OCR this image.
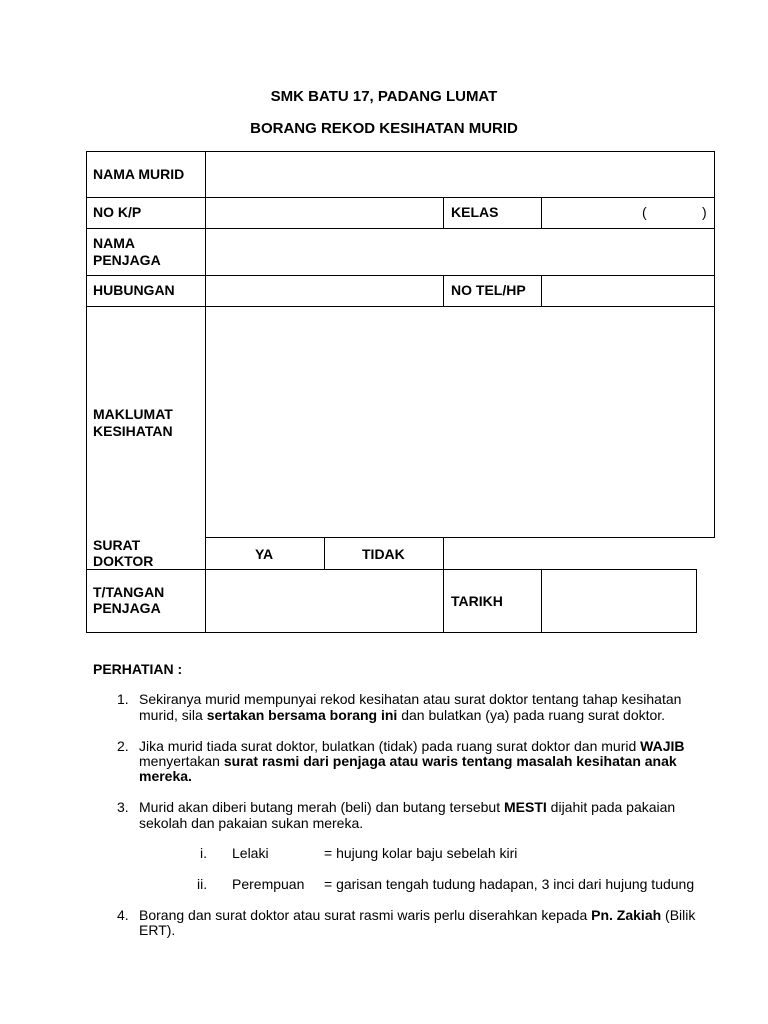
SMK BATU 17, PADANG LUMAT
BORANG REKOD KESIHATAN MURID
NAMA MURID
NO K/P	KELAS	(	)
NAMA
PENJAGA
HUBUNGAN	NO TEL/HP
MAKLUMAT
KESIHATAN
SURAT
DOKTOR	YA	TIDAK
T/TANGAN
PENJAGA	TARIKH
PERHATIAN :
1. Sekiranya murid mempunyai rekod kesihatan atau surat doktor tentang tahap kesihatan
murid, sila sertakan bersama borang ini dan bulatkan (ya) pada ruang surat doktor.
2. Jika murid tiada surat doktor, bulatkan (tidak) pada ruang surat doktor dan murid WAJIB
menyertakan surat rasmi dari penjaga atau waris tentang masalah kesihatan anak
mereka.
3. Murid akan diberi butang merah (beli) dan butang tersebut MESTI dijahit pada pakaian
sekolah dan pakaian sukan mereka.
i. Lelaki	= hujung kolar baju sebelah kiri
ii. Perempuan = garisan tengah tudung hadapan, 3 inci dari hujung tudung
4. Borang dan surat doktor atau surat rasmi waris perlu diserahkan kepada Pn. Zakiah (Bilik
ERT).
